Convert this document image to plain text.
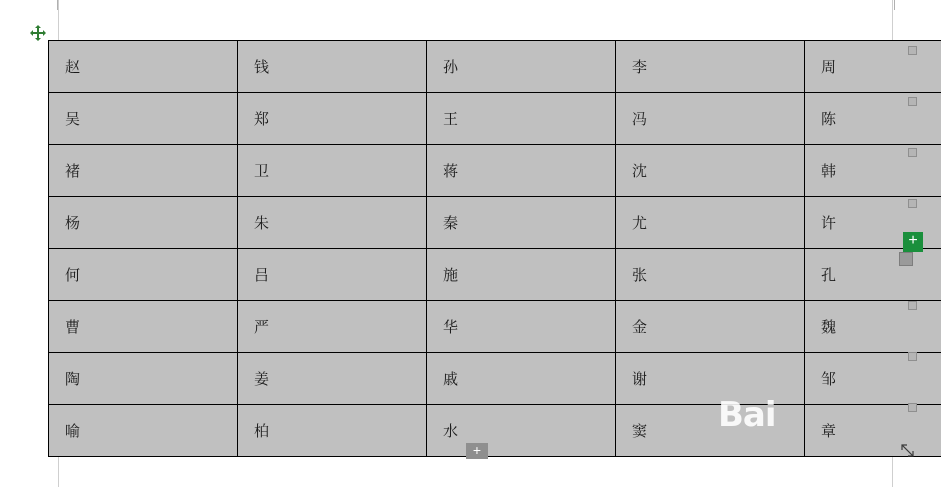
赵	钱	孙	李	周
吴	郑	王	冯	陈
褚	卫	蒋	沈	韩
杨	朱	秦	尤	许
何	吕	施	张	孔
曹	严	华	金	魏
陶	姜	戚	谢	邹
喻	柏	水	窦	章
+
+
Bai
